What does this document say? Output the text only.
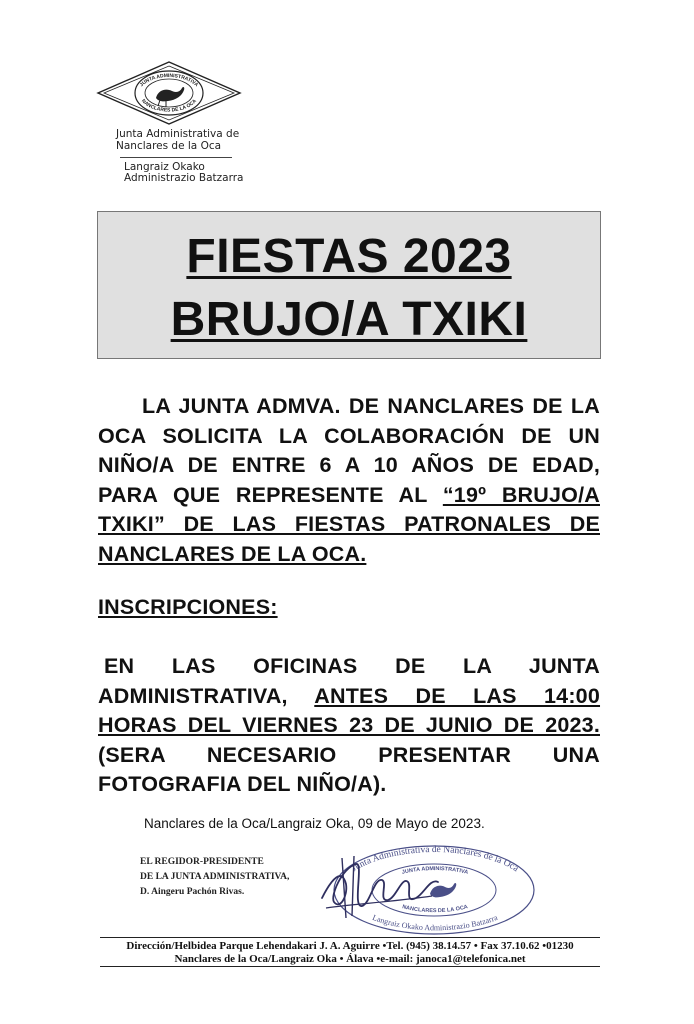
JUNTA ADMINISTRATIVA
NANCLARES DE LA OCA
Junta Administrativa de
Nanclares de la Oca
Langraiz Okako
Administrazio Batzarra
FIESTAS 2023
BRUJO/A TXIKI
LA JUNTA ADMVA. DE NANCLARES DE LA OCA SOLICITA LA COLABORACIÓN DE UN NIÑO/A DE ENTRE 6 A 10 AÑOS DE EDAD, PARA QUE REPRESENTE AL “19º BRUJO/A TXIKI” DE LAS FIESTAS PATRONALES DE NANCLARES DE LA OCA.
INSCRIPCIONES:
EN LAS OFICINAS DE LA JUNTA ADMINISTRATIVA, ANTES DE LAS 14:00 HORAS DEL VIERNES 23 DE JUNIO DE 2023. (SERA NECESARIO PRESENTAR UNA FOTOGRAFIA DEL NIÑO/A).
Nanclares de la Oca/Langraiz Oka, 09 de Mayo de 2023.
EL REGIDOR-PRESIDENTE
DE LA JUNTA ADMINISTRATIVA,
D. Aingeru Pachón Rivas.
Junta Administrativa de Nanclares de la Oca
Langraiz Okako Administrazio Batzarra
JUNTA ADMINISTRATIVA
NANCLARES DE LA OCA
Dirección/Helbidea Parque Lehendakari J. A. Aguirre •Tel. (945) 38.14.57 • Fax 37.10.62 •01230
Nanclares de la Oca/Langraiz Oka • Álava •e-mail: janoca1@telefonica.net
